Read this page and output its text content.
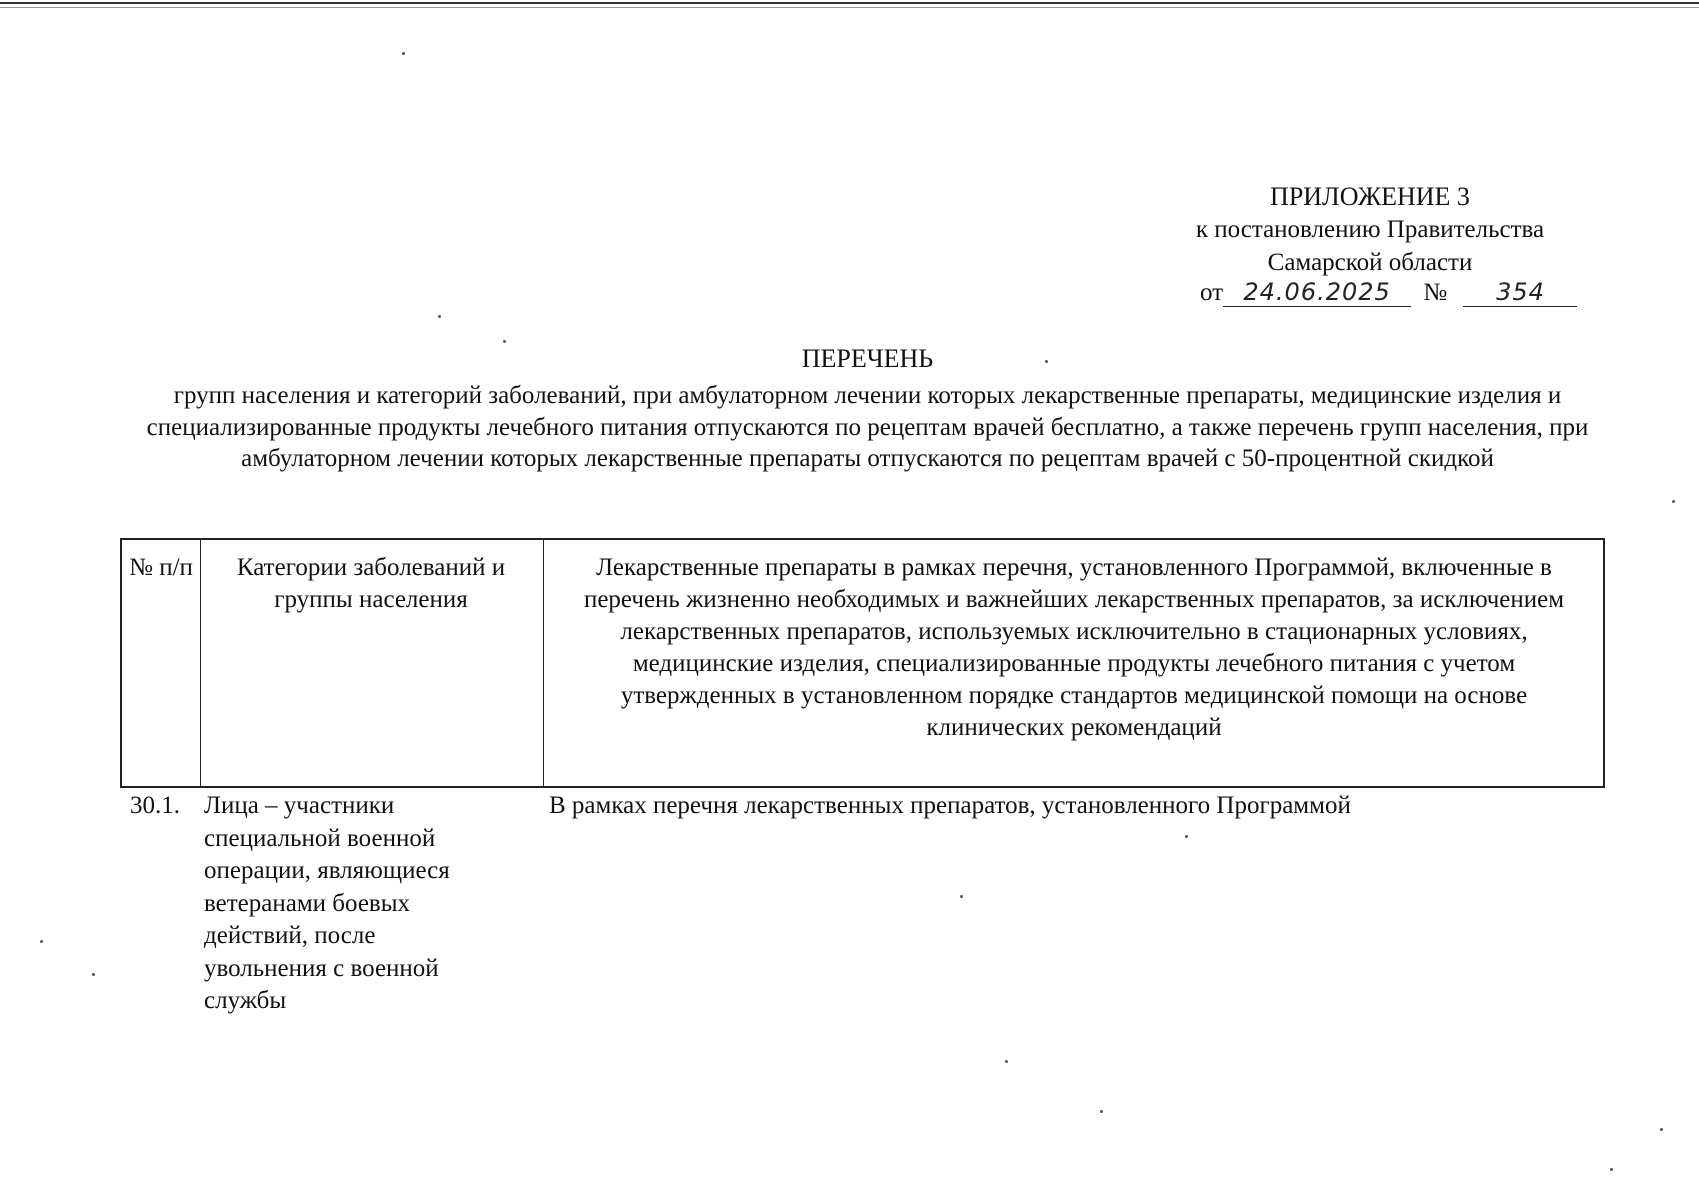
ПРИЛОЖЕНИЕ 3
к постановлению Правительства
Самарской области
от 24.06.2025 № 354
ПЕРЕЧЕНЬ
групп населения и категорий заболеваний, при амбулаторном лечении которых лекарственные препараты, медицинские изделия и специализированные продукты лечебного питания отпускаются по рецептам врачей бесплатно, а также перечень групп населения, при амбулаторном лечении которых лекарственные препараты отпускаются по рецептам врачей с 50-процентной скидкой
№ п/п	Категории заболеваний и группы населения
Лекарственные препараты в рамках перечня, установленного Программой, включенные в перечень жизненно необходимых и важнейших лекарственных препаратов, за исключением лекарственных препаратов, используемых исключительно в стационарных условиях, медицинские изделия, специализированные продукты лечебного питания с учетом утвержденных в установленном порядке стандартов медицинской помощи на основе клинических рекомендаций
30.1. Лица – участники специальной военной операции, являющиеся ветеранами боевых действий, после увольнения с военной службы
В рамках перечня лекарственных препаратов, установленного Программой
